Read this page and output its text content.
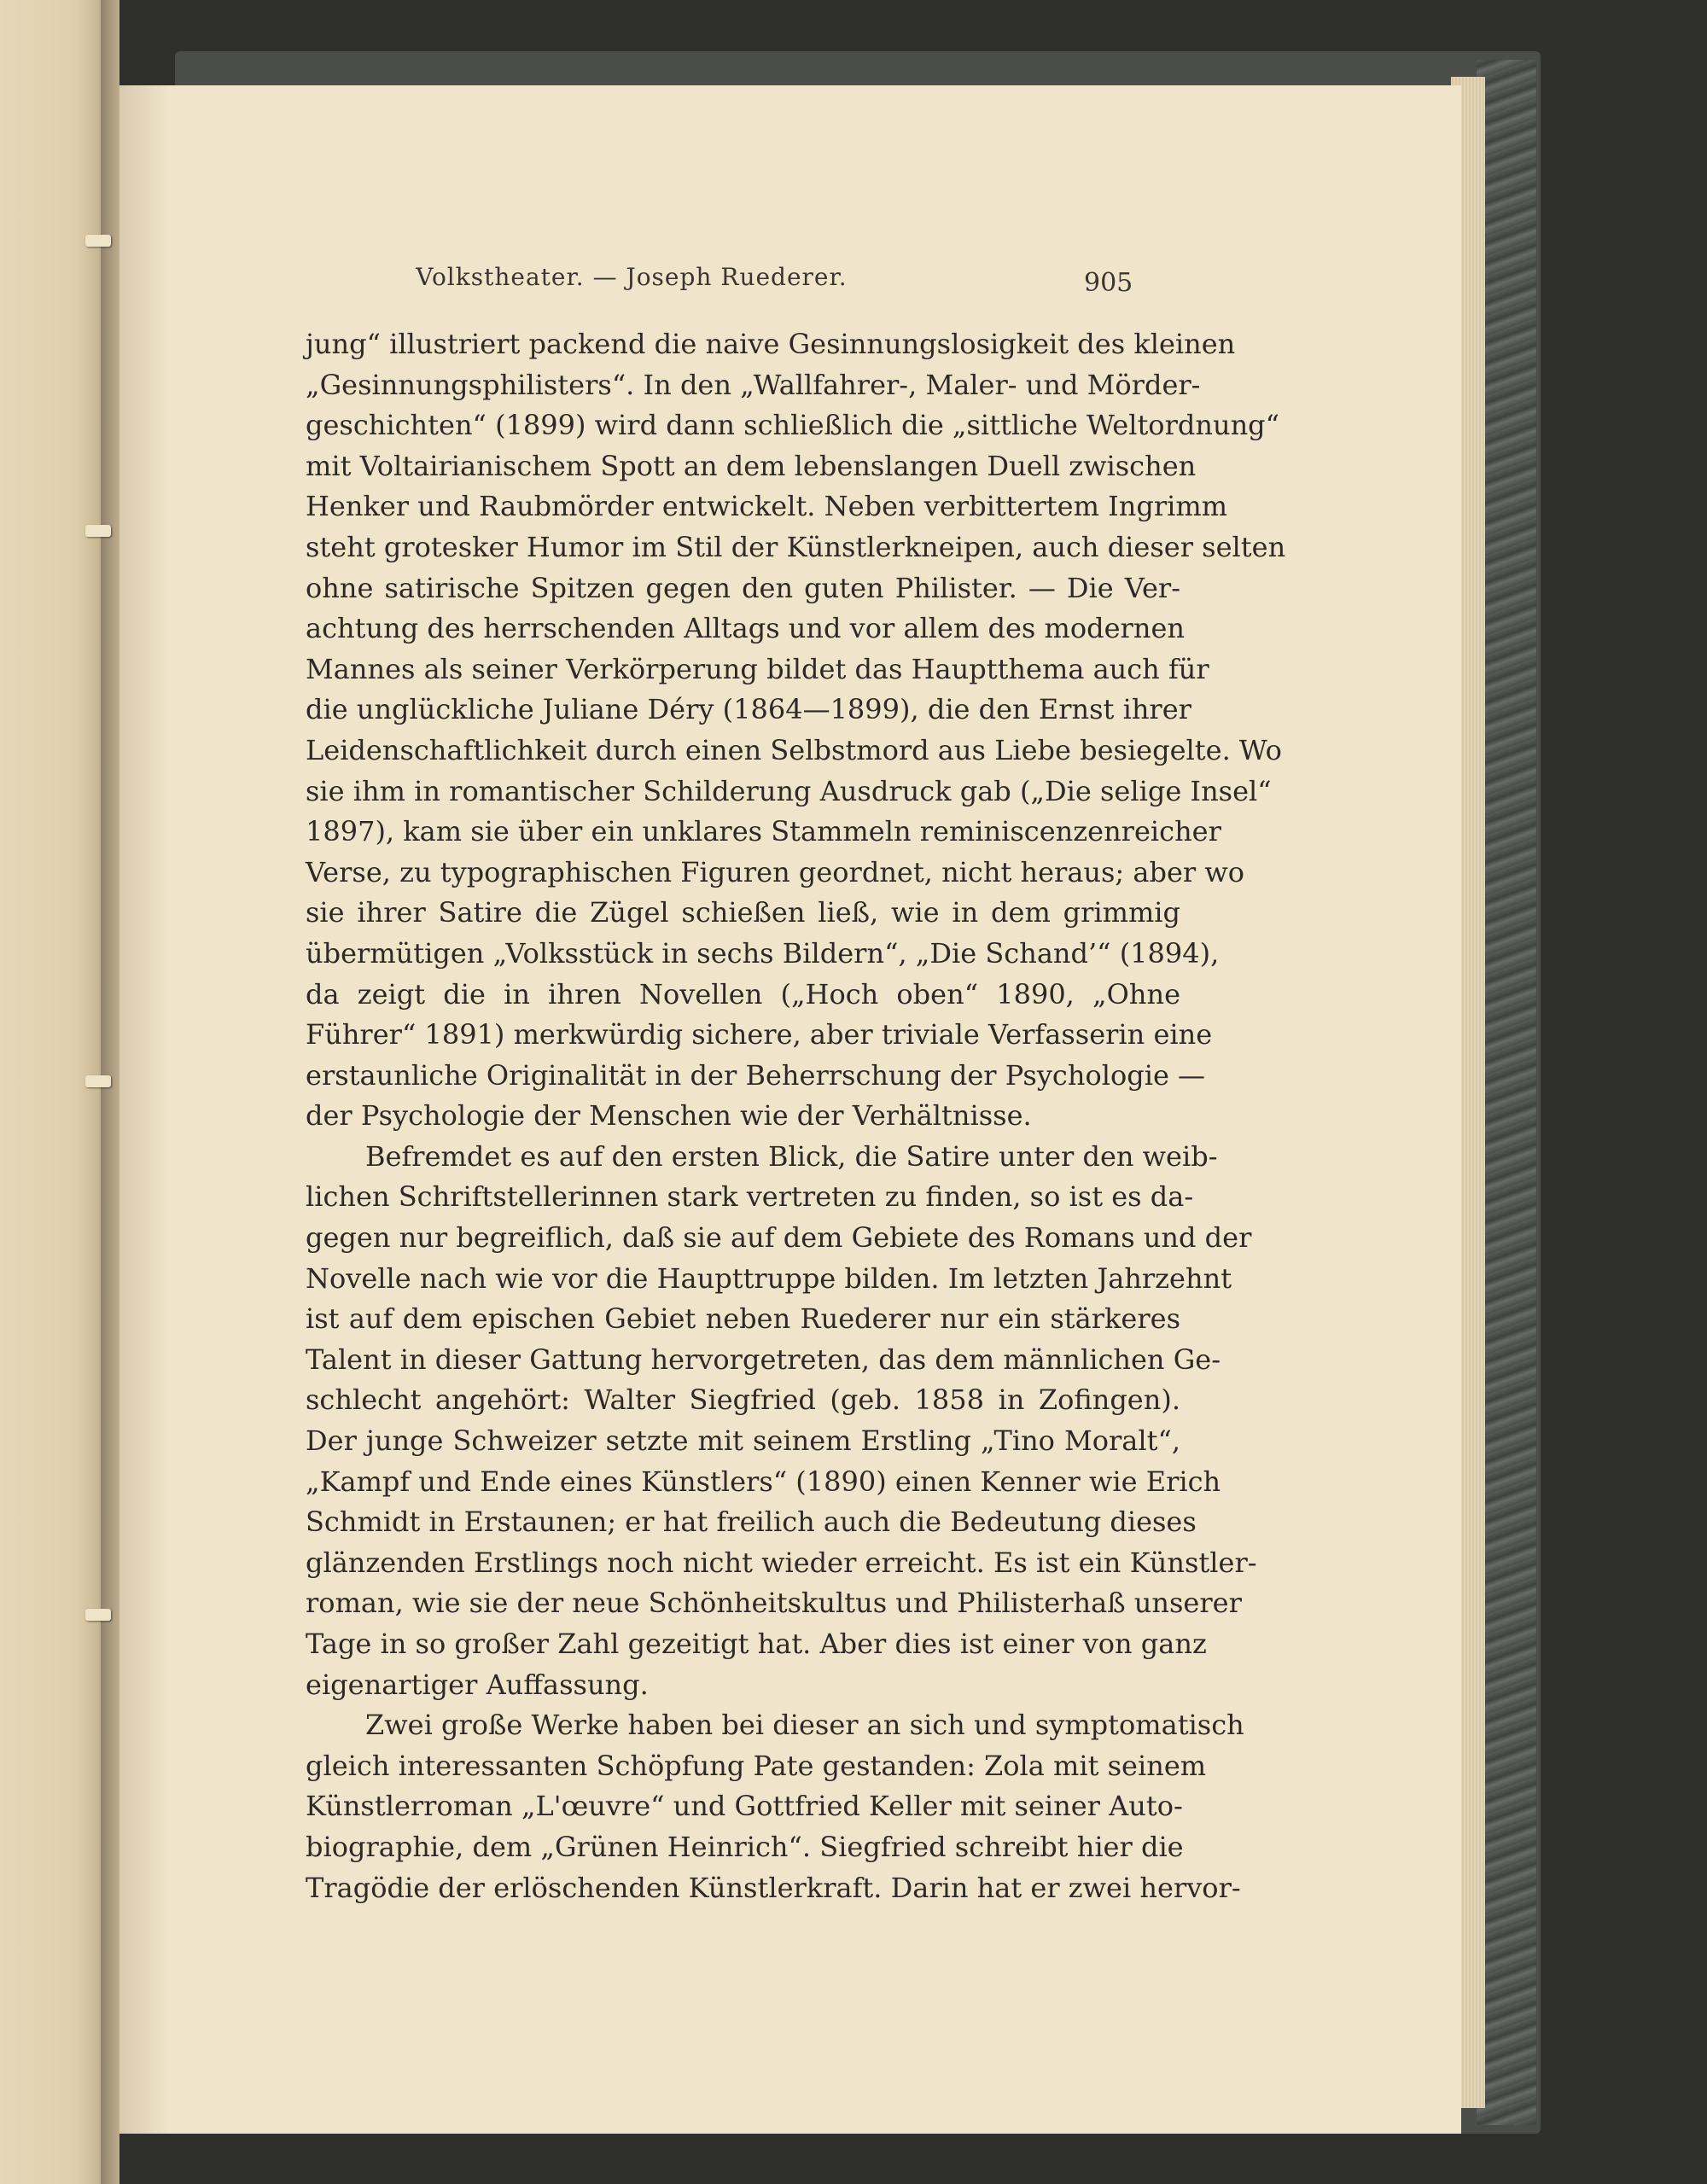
Volkstheater. — Joseph Ruederer.	905
jung“ illustriert packend die naive Gesinnungslosigkeit des kleinen
„Gesinnungsphilisters“. In den „Wallfahrer-, Maler- und Mörder-
geschichten“ (1899) wird dann schließlich die „sittliche Weltordnung“
mit Voltairianischem Spott an dem lebenslangen Duell zwischen
Henker und Raubmörder entwickelt. Neben verbittertem Ingrimm
steht grotesker Humor im Stil der Künstlerkneipen, auch dieser selten
ohne satirische Spitzen gegen den guten Philister. — Die Ver-
achtung des herrschenden Alltags und vor allem des modernen
Mannes als seiner Verkörperung bildet das Hauptthema auch für
die unglückliche Juliane Déry (1864—1899), die den Ernst ihrer
Leidenschaftlichkeit durch einen Selbstmord aus Liebe besiegelte. Wo
sie ihm in romantischer Schilderung Ausdruck gab („Die selige Insel“
1897), kam sie über ein unklares Stammeln reminiscenzenreicher
Verse, zu typographischen Figuren geordnet, nicht heraus; aber wo
sie ihrer Satire die Zügel schießen ließ, wie in dem grimmig
übermütigen „Volksstück in sechs Bildern“, „Die Schand’“ (1894),
da zeigt die in ihren Novellen („Hoch oben“ 1890, „Ohne
Führer“ 1891) merkwürdig sichere, aber triviale Verfasserin eine
erstaunliche Originalität in der Beherrschung der Psychologie —
der Psychologie der Menschen wie der Verhältnisse.
Befremdet es auf den ersten Blick, die Satire unter den weib-
lichen Schriftstellerinnen stark vertreten zu finden, so ist es da-
gegen nur begreiflich, daß sie auf dem Gebiete des Romans und der
Novelle nach wie vor die Haupttruppe bilden. Im letzten Jahrzehnt
ist auf dem epischen Gebiet neben Ruederer nur ein stärkeres
Talent in dieser Gattung hervorgetreten, das dem männlichen Ge-
schlecht angehört: Walter Siegfried (geb. 1858 in Zofingen).
Der junge Schweizer setzte mit seinem Erstling „Tino Moralt“,
„Kampf und Ende eines Künstlers“ (1890) einen Kenner wie Erich
Schmidt in Erstaunen; er hat freilich auch die Bedeutung dieses
glänzenden Erstlings noch nicht wieder erreicht. Es ist ein Künstler-
roman, wie sie der neue Schönheitskultus und Philisterhaß unserer
Tage in so großer Zahl gezeitigt hat. Aber dies ist einer von ganz
eigenartiger Auffassung.
Zwei große Werke haben bei dieser an sich und symptomatisch
gleich interessanten Schöpfung Pate gestanden: Zola mit seinem
Künstlerroman „L'œuvre“ und Gottfried Keller mit seiner Auto-
biographie, dem „Grünen Heinrich“. Siegfried schreibt hier die
Tragödie der erlöschenden Künstlerkraft. Darin hat er zwei hervor-
